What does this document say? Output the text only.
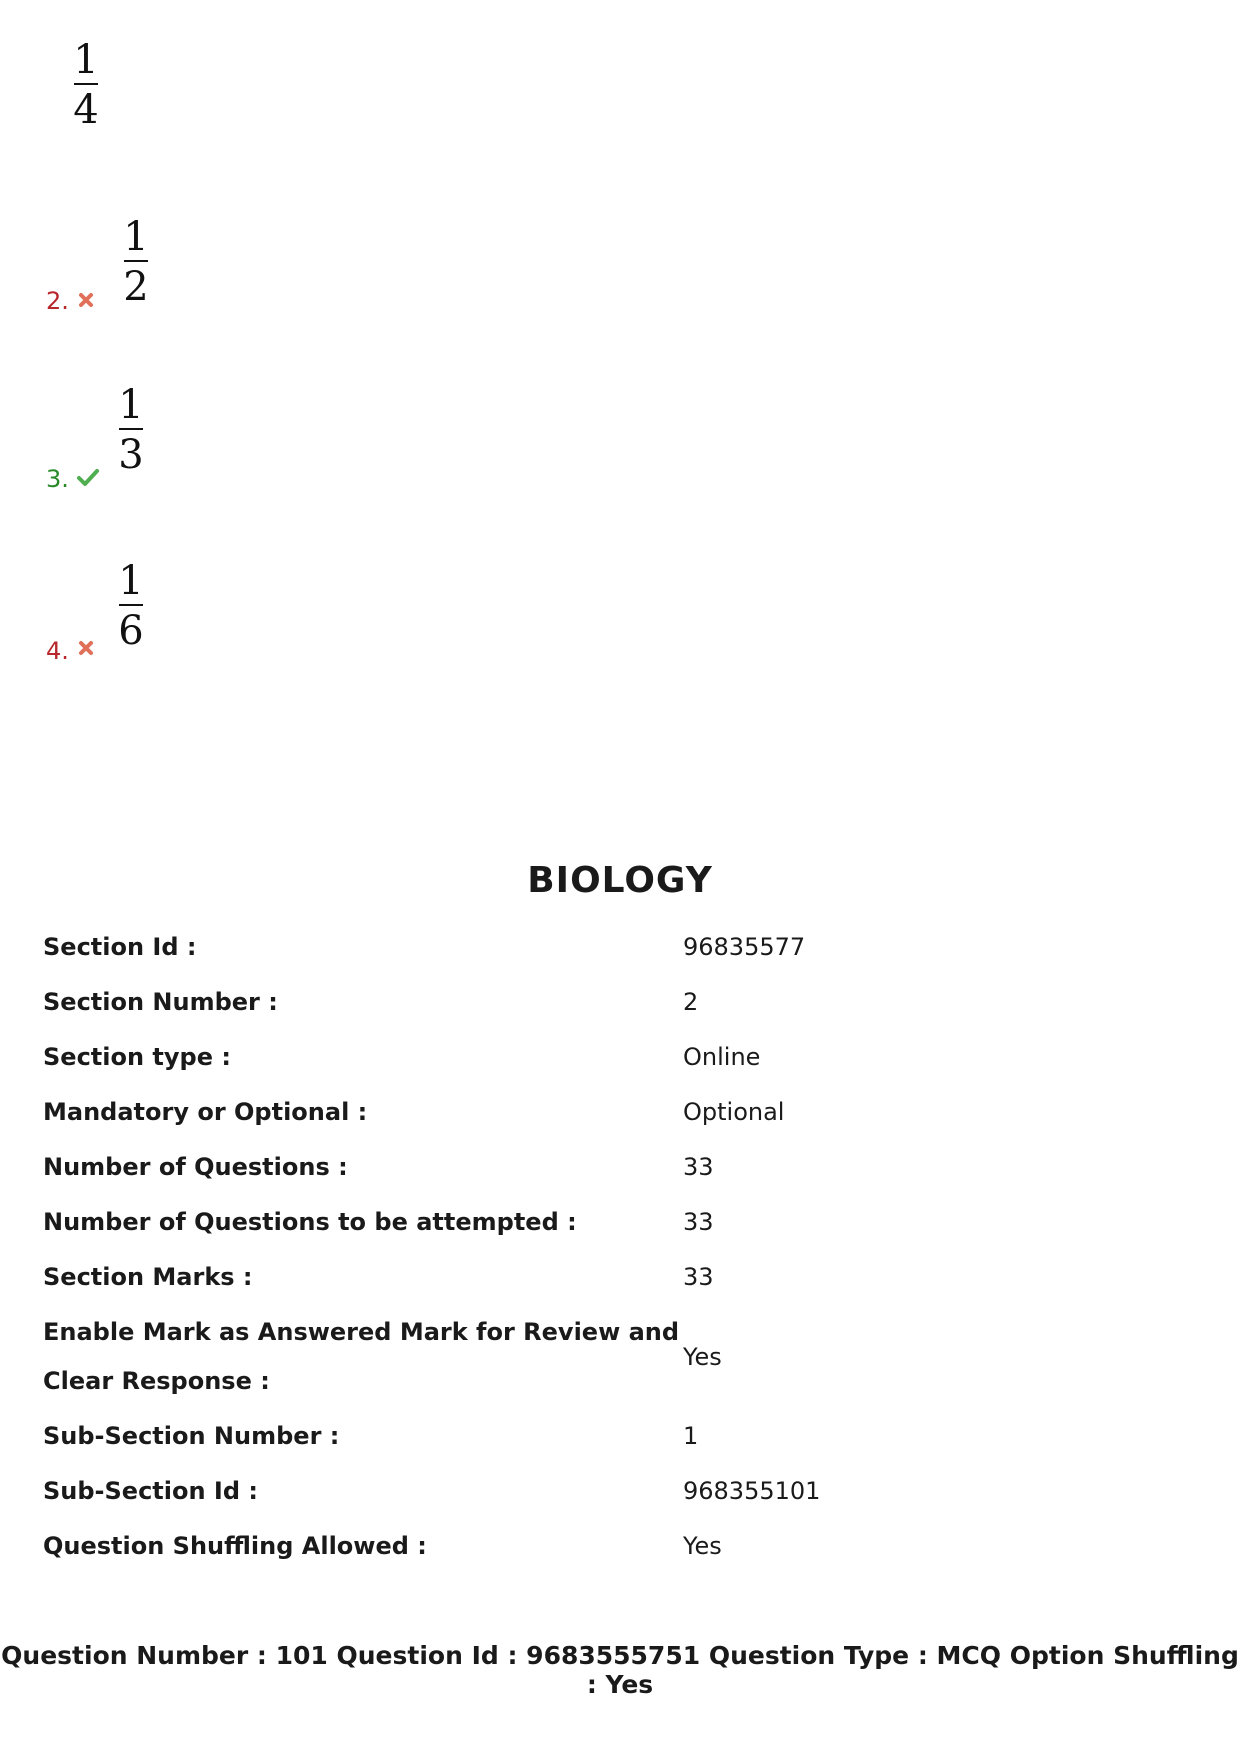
1
4
2.
1
2
3.
1
3
4.
1
6
BIOLOGY
Section Id :	96835577
Section Number :	2
Section type :	Online
Mandatory or Optional :	Optional
Number of Questions :	33
Number of Questions to be attempted :	33
Section Marks :	33
Enable Mark as Answered Mark for Review and Clear Response :	Yes
Sub-Section Number :	1
Sub-Section Id :	968355101
Question Shuffling Allowed :	Yes
Question Number : 101 Question Id : 9683555751 Question Type : MCQ Option Shuffling : Yes
